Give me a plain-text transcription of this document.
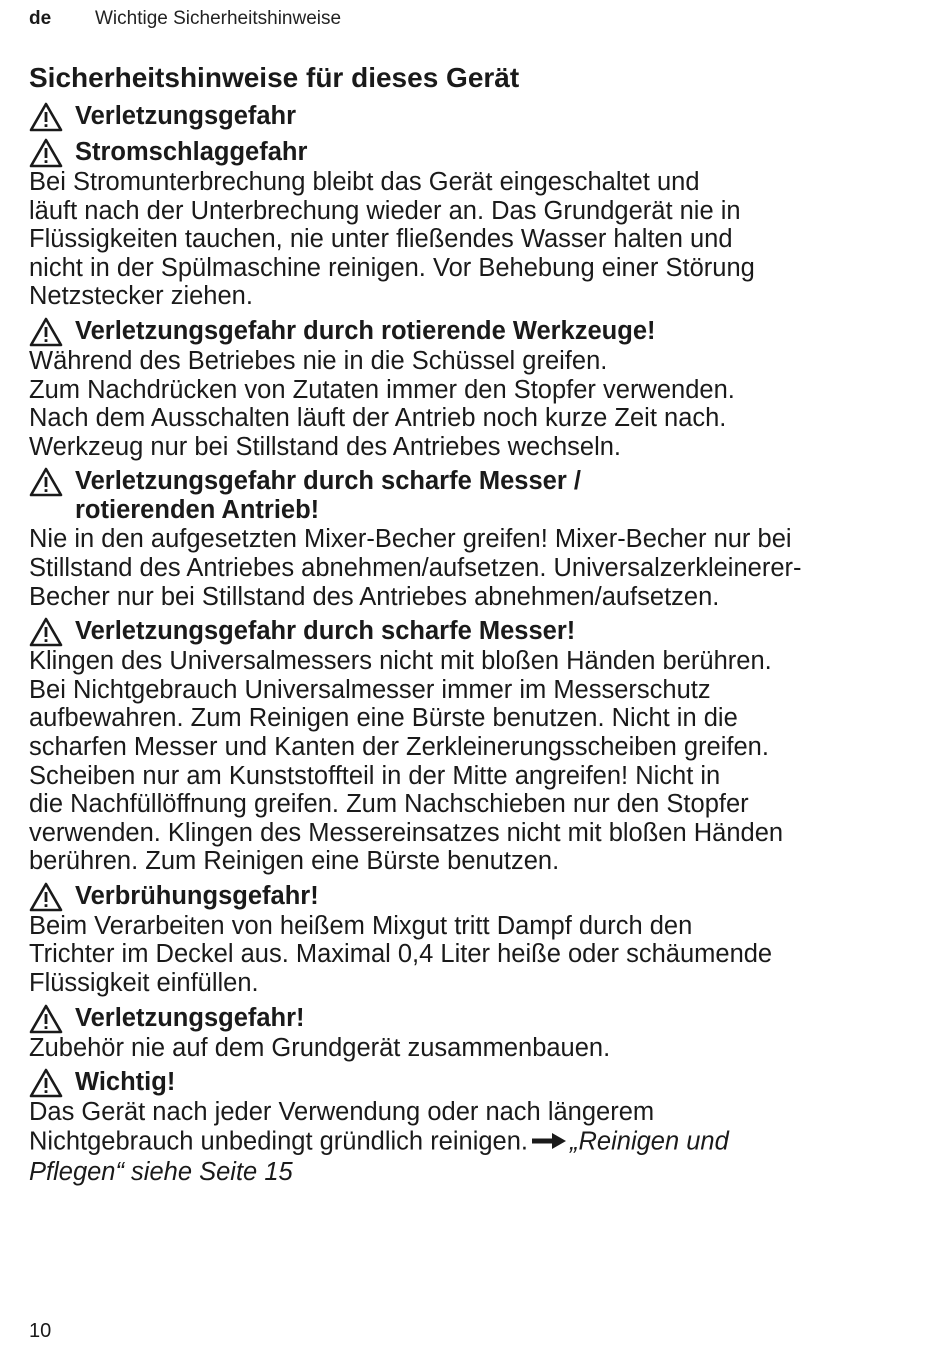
de	Wichtige Sicherheitshinweise
Sicherheitshinweise für dieses Gerät
Verletzungsgefahr
Stromschlaggefahr

Bei Stromunterbrechung bleibt das Gerät eingeschaltet und
läuft nach der Unterbrechung wieder an. Das Grundgerät nie in
Flüssigkeiten tauchen, nie unter fließendes Wasser halten und
nicht in der Spülmaschine reinigen. Vor Behebung einer Störung
Netzstecker ziehen.

Verletzungsgefahr durch rotierende Werkzeuge!

Während des Betriebes nie in die Schüssel greifen.
Zum Nachdrücken von Zutaten immer den Stopfer verwenden.
Nach dem Ausschalten läuft der Antrieb noch kurze Zeit nach.
Werkzeug nur bei Stillstand des Antriebes wechseln.

Verletzungsgefahr durch scharfe Messer /
rotierenden Antrieb!

Nie in den aufgesetzten Mixer-Becher greifen! Mixer-Becher nur bei
Stillstand des Antriebes abnehmen/aufsetzen. Universalzerkleinerer-
Becher nur bei Stillstand des Antriebes abnehmen/aufsetzen.

Verletzungsgefahr durch scharfe Messer!

Klingen des Universalmessers nicht mit bloßen Händen berühren.
Bei Nichtgebrauch Universalmesser immer im Messerschutz
aufbewahren. Zum Reinigen eine Bürste benutzen. Nicht in die
scharfen Messer und Kanten der Zerkleinerungsscheiben greifen.
Scheiben nur am Kunststoffteil in der Mitte angreifen! Nicht in
die Nachfüllöffnung greifen. Zum Nachschieben nur den Stopfer
verwenden. Klingen des Messereinsatzes nicht mit bloßen Händen
berühren. Zum Reinigen eine Bürste benutzen.

Verbrühungsgefahr!

Beim Verarbeiten von heißem Mixgut tritt Dampf durch den
Trichter im Deckel aus. Maximal 0,4 Liter heiße oder schäumende
Flüssigkeit einfüllen.

Verletzungsgefahr!

Zubehör nie auf dem Grundgerät zusammenbauen.

Wichtig!

Das Gerät nach jeder Verwendung oder nach längerem
Nichtgebrauch unbedingt gründlich reinigen. „Reinigen und
Pflegen“ siehe Seite 15

10
